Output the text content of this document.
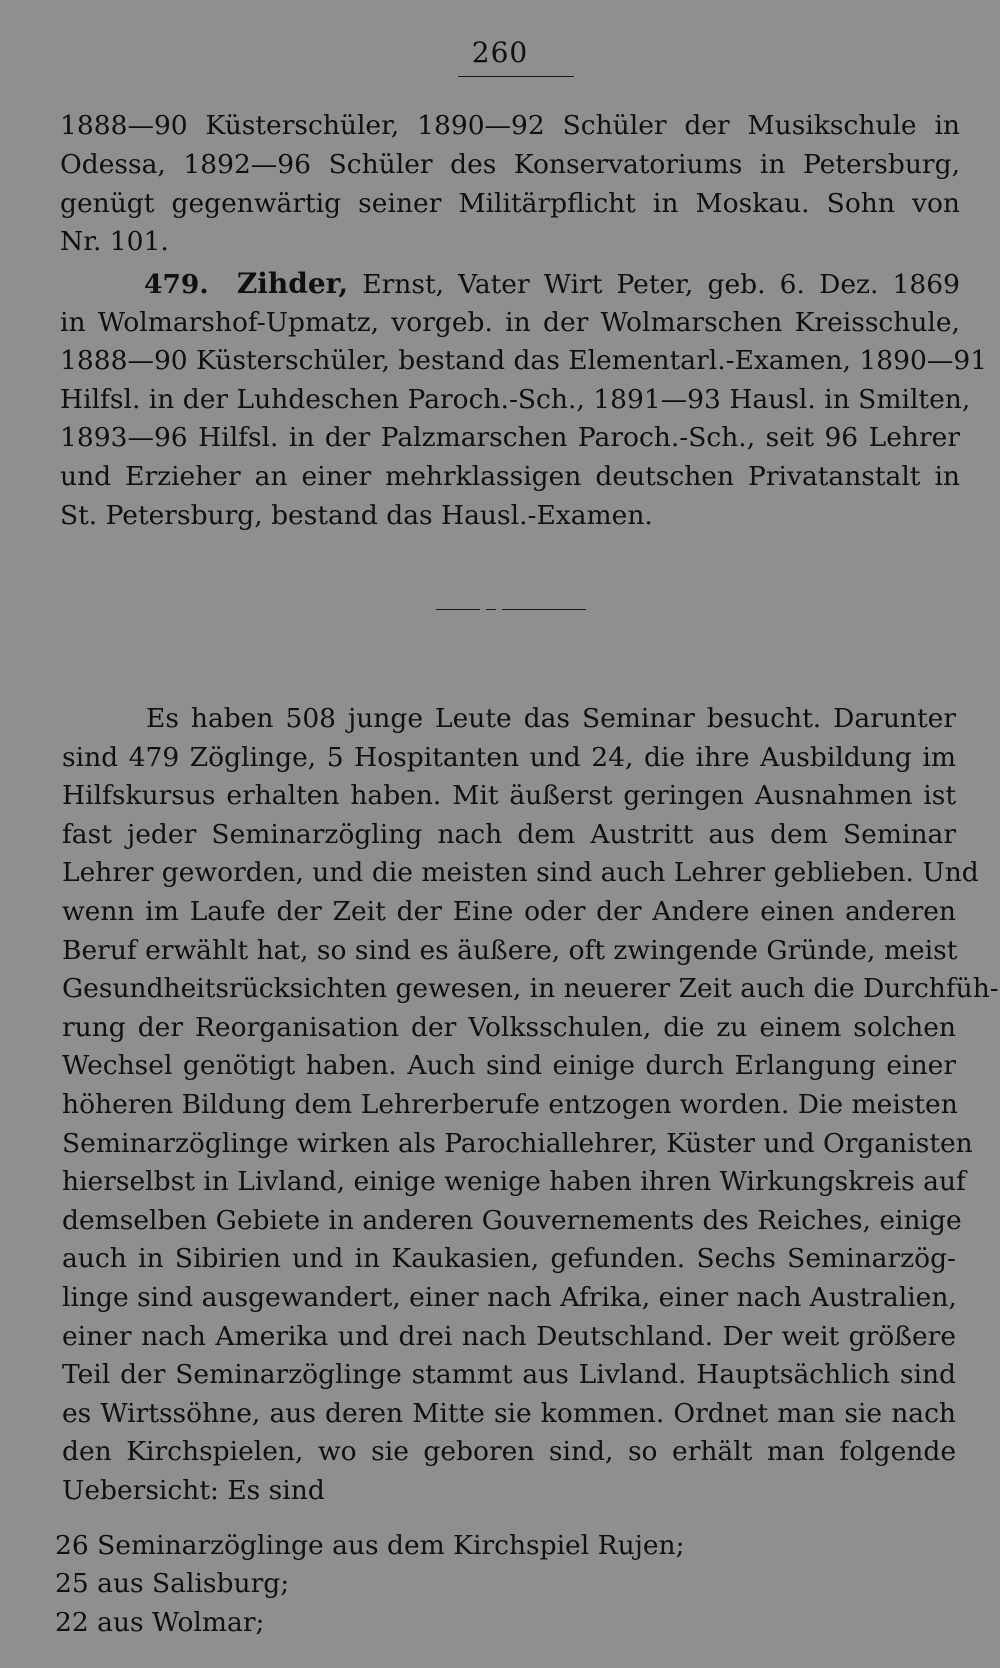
260
1888—90 Küsterschüler, 1890—92 Schüler der Musikschule in
Odessa, 1892—96 Schüler des Konservatoriums in Petersburg,
genügt gegenwärtig seiner Militärpflicht in Moskau. Sohn von
Nr. 101.
479. Zihder, Ernst, Vater Wirt Peter, geb. 6. Dez. 1869
in Wolmarshof-Upmatz, vorgeb. in der Wolmarschen Kreisschule,
1888—90 Küsterschüler, bestand das Elementarl.-Examen, 1890—91
Hilfsl. in der Luhdeschen Paroch.-Sch., 1891—93 Hausl. in Smilten,
1893—96 Hilfsl. in der Palzmarschen Paroch.-Sch., seit 96 Lehrer
und Erzieher an einer mehrklassigen deutschen Privatanstalt in
St. Petersburg, bestand das Hausl.-Examen.
Es haben 508 junge Leute das Seminar besucht. Darunter
sind 479 Zöglinge, 5 Hospitanten und 24, die ihre Ausbildung im
Hilfskursus erhalten haben. Mit äußerst geringen Ausnahmen ist
fast jeder Seminarzögling nach dem Austritt aus dem Seminar
Lehrer geworden, und die meisten sind auch Lehrer geblieben. Und
wenn im Laufe der Zeit der Eine oder der Andere einen anderen
Beruf erwählt hat, so sind es äußere, oft zwingende Gründe, meist
Gesundheitsrücksichten gewesen, in neuerer Zeit auch die Durchfüh-
rung der Reorganisation der Volksschulen, die zu einem solchen
Wechsel genötigt haben. Auch sind einige durch Erlangung einer
höheren Bildung dem Lehrerberufe entzogen worden. Die meisten
Seminarzöglinge wirken als Parochiallehrer, Küster und Organisten
hierselbst in Livland, einige wenige haben ihren Wirkungskreis auf
demselben Gebiete in anderen Gouvernements des Reiches, einige
auch in Sibirien und in Kaukasien, gefunden. Sechs Seminarzög-
linge sind ausgewandert, einer nach Afrika, einer nach Australien,
einer nach Amerika und drei nach Deutschland. Der weit größere
Teil der Seminarzöglinge stammt aus Livland. Hauptsächlich sind
es Wirtssöhne, aus deren Mitte sie kommen. Ordnet man sie nach
den Kirchspielen, wo sie geboren sind, so erhält man folgende
Uebersicht: Es sind
26 Seminarzöglinge aus dem Kirchspiel Rujen;
25 aus Salisburg;
22 aus Wolmar;
